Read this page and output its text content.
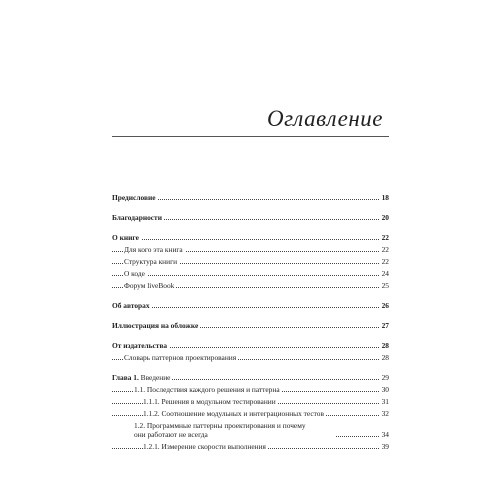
Оглавление
Предисловие	18
Благодарности	20
О книге	22
Для кого эта книга	22
Структура книги	22
О коде	24
Форум liveBook	25
Об авторах	26
Иллюстрация на обложке	27
От издательства	28
Словарь паттернов проектирования	28
Глава 1. Введение	29
1.1. Последствия каждого решения и паттерна	30
1.1.1. Решения в модульном тестировании	31
1.1.2. Соотношение модульных и интеграционных тестов	32
1.2. Программные паттерны проектирования и почему
они работают не всегда	34
1.2.1. Измерение скорости выполнения	39
